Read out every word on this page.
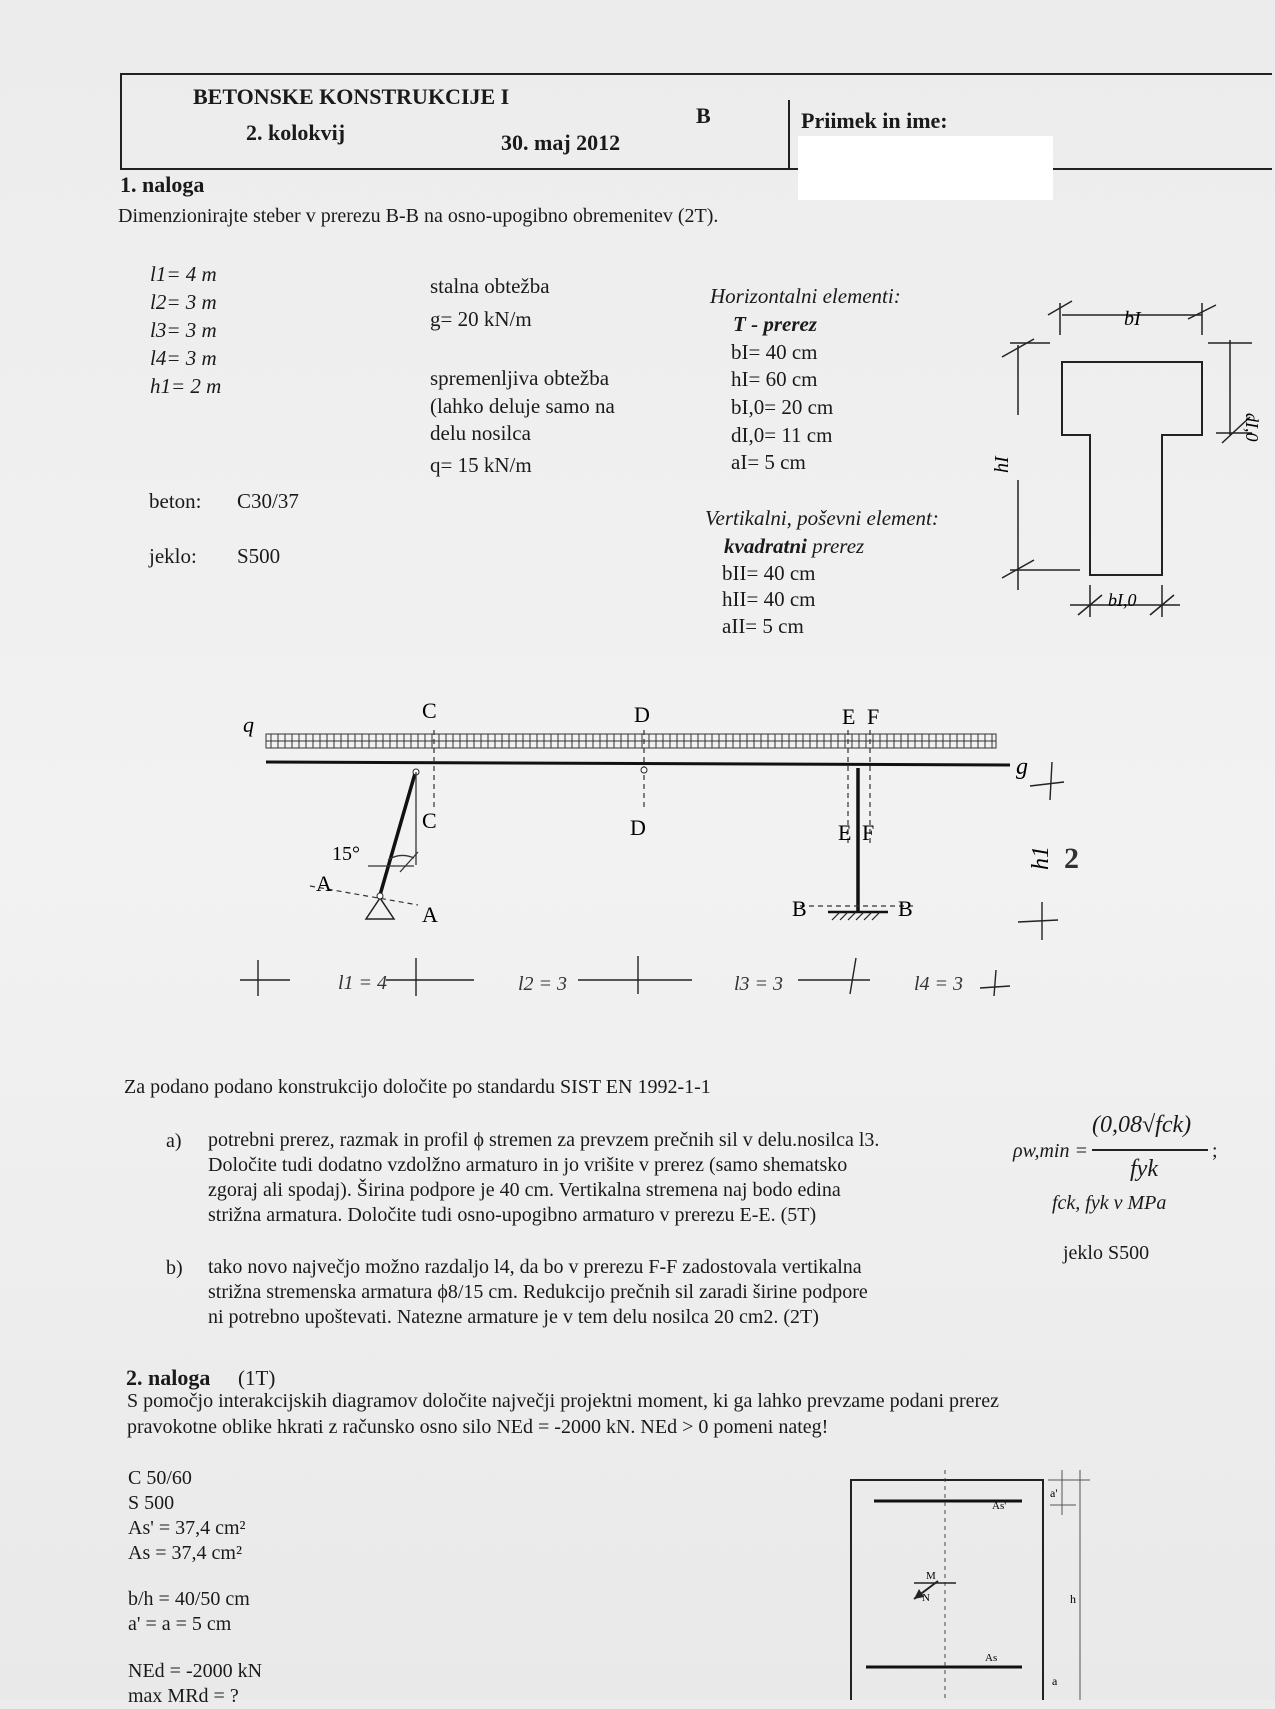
BETONSKE KONSTRUKCIJE I
B
2. kolokvij	30. maj 2012
Priimek in ime:
1. naloga
Dimenzionirajte steber v prerezu B-B na osno-upogibno obremenitev (2T).
l1= 4 m
l2= 3 m
l3= 3 m
l4= 3 m
h1= 2 m
beton: C30/37
jeklo: S500
stalna obtežba
g= 20 kN/m
spremenljiva obtežba
(lahko deluje samo na
delu nosilca
q= 15 kN/m
Horizontalni elementi:
T - prerez
bI= 40 cm
hI= 60 cm
bI,0= 20 cm
dI,0= 11 cm
aI= 5 cm
Vertikalni, poševni element:
kvadratni prerez
bII= 40 cm
hII= 40 cm
aII= 5 cm
bI
hI
dI,0
bI,0
q
g
C
C
D
D
E F
E F
15°
A
A	B	B
l1 = 4	l2 = 3	l3 = 3	l4 = 3
h1 2
Za podano podano konstrukcijo določite po standardu SIST EN 1992-1-1
a) potrebni prerez, razmak in profil ϕ stremen za prevzem prečnih sil v delu.nosilca l3.
Določite tudi dodatno vzdolžno armaturo in jo vrišite v prerez (samo shematsko
zgoraj ali spodaj). Širina podpore je 40 cm. Vertikalna stremena naj bodo edina
strižna armatura. Določite tudi osno-upogibno armaturo v prerezu E-E. (5T)
b) tako novo največjo možno razdaljo l4, da bo v prerezu F-F zadostovala vertikalna
strižna stremenska armatura ϕ8/15 cm. Redukcijo prečnih sil zaradi širine podpore
ni potrebno upoštevati. Natezne armature je v tem delu nosilca 20 cm2. (2T)
ρw,min =
(0,08√fck)
fyk
;
fck, fyk v MPa
jeklo S500
2. naloga (1T)
S pomočjo interakcijskih diagramov določite največji projektni moment, ki ga lahko prevzame podani prerez
pravokotne oblike hkrati z računsko osno silo NEd = -2000 kN. NEd > 0 pomeni nateg!
C 50/60
S 500
As' = 37,4 cm²
As = 37,4 cm²
b/h = 40/50 cm
a' = a = 5 cm
NEd = -2000 kN
max MRd = ?
As'
As
M
N	h
a'
a
